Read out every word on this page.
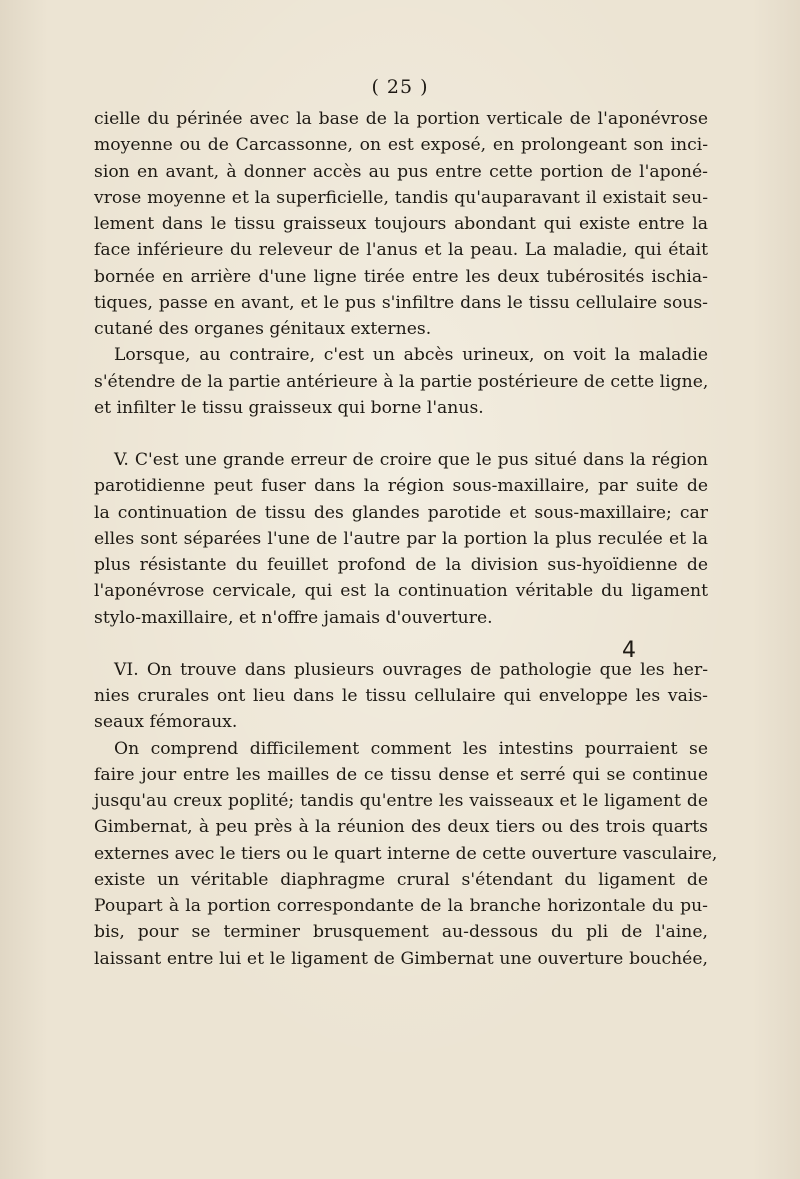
( 25 )
cielle du périnée avec la base de la portion verticale de l'aponévrose
moyenne ou de Carcassonne, on est exposé, en prolongeant son inci-
sion en avant, à donner accès au pus entre cette portion de l'aponé-
vrose moyenne et la superficielle, tandis qu'auparavant il existait seu-
lement dans le tissu graisseux toujours abondant qui existe entre la
face inférieure du releveur de l'anus et la peau. La maladie, qui était
bornée en arrière d'une ligne tirée entre les deux tubérosités ischia-
tiques, passe en avant, et le pus s'infiltre dans le tissu cellulaire sous-
cutané des organes génitaux externes.
Lorsque, au contraire, c'est un abcès urineux, on voit la maladie
s'étendre de la partie antérieure à la partie postérieure de cette ligne,
et infilter le tissu graisseux qui borne l'anus.
V. C'est une grande erreur de croire que le pus situé dans la région
parotidienne peut fuser dans la région sous-maxillaire, par suite de
la continuation de tissu des glandes parotide et sous-maxillaire; car
elles sont séparées l'une de l'autre par la portion la plus reculée et la
plus résistante du feuillet profond de la division sus-hyoïdienne de
l'aponévrose cervicale, qui est la continuation véritable du ligament
stylo-maxillaire, et n'offre jamais d'ouverture.
VI. On trouve dans plusieurs ouvrages de pathologie que les her-
nies crurales ont lieu dans le tissu cellulaire qui enveloppe les vais-
seaux fémoraux.
On comprend difficilement comment les intestins pourraient se
faire jour entre les mailles de ce tissu dense et serré qui se continue
jusqu'au creux poplité; tandis qu'entre les vaisseaux et le ligament de
Gimbernat, à peu près à la réunion des deux tiers ou des trois quarts
externes avec le tiers ou le quart interne de cette ouverture vasculaire,
existe un véritable diaphragme crural s'étendant du ligament de
Poupart à la portion correspondante de la branche horizontale du pu-
bis, pour se terminer brusquement au-dessous du pli de l'aine,
laissant entre lui et le ligament de Gimbernat une ouverture bouchée,
4
